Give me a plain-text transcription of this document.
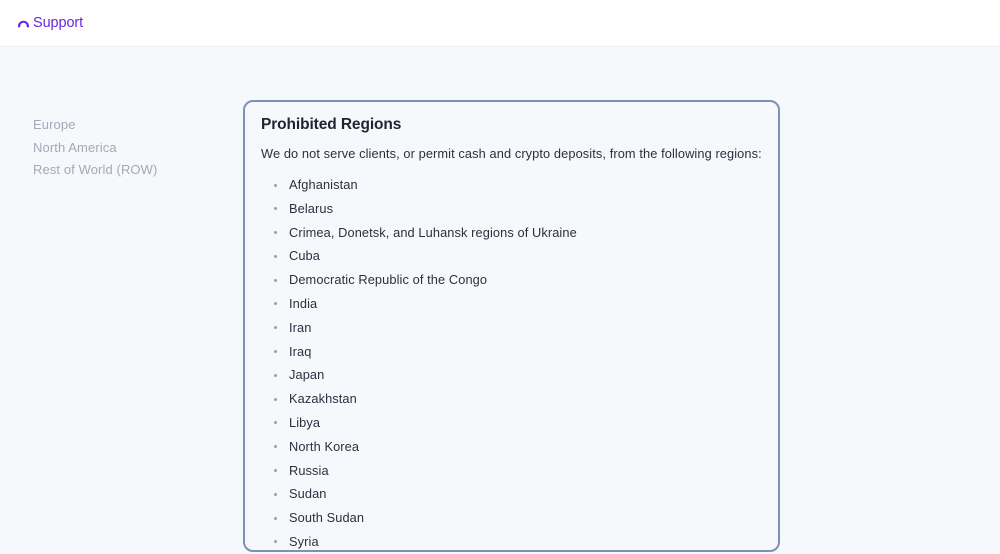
Support
Europe
North America
Rest of World (ROW)
Prohibited Regions

We do not serve clients, or permit cash and crypto deposits, from the following regions:

Afghanistan
Belarus
Crimea, Donetsk, and Luhansk regions of Ukraine
Cuba
Democratic Republic of the Congo
India
Iran
Iraq
Japan
Kazakhstan
Libya
North Korea
Russia
Sudan
South Sudan
Syria
